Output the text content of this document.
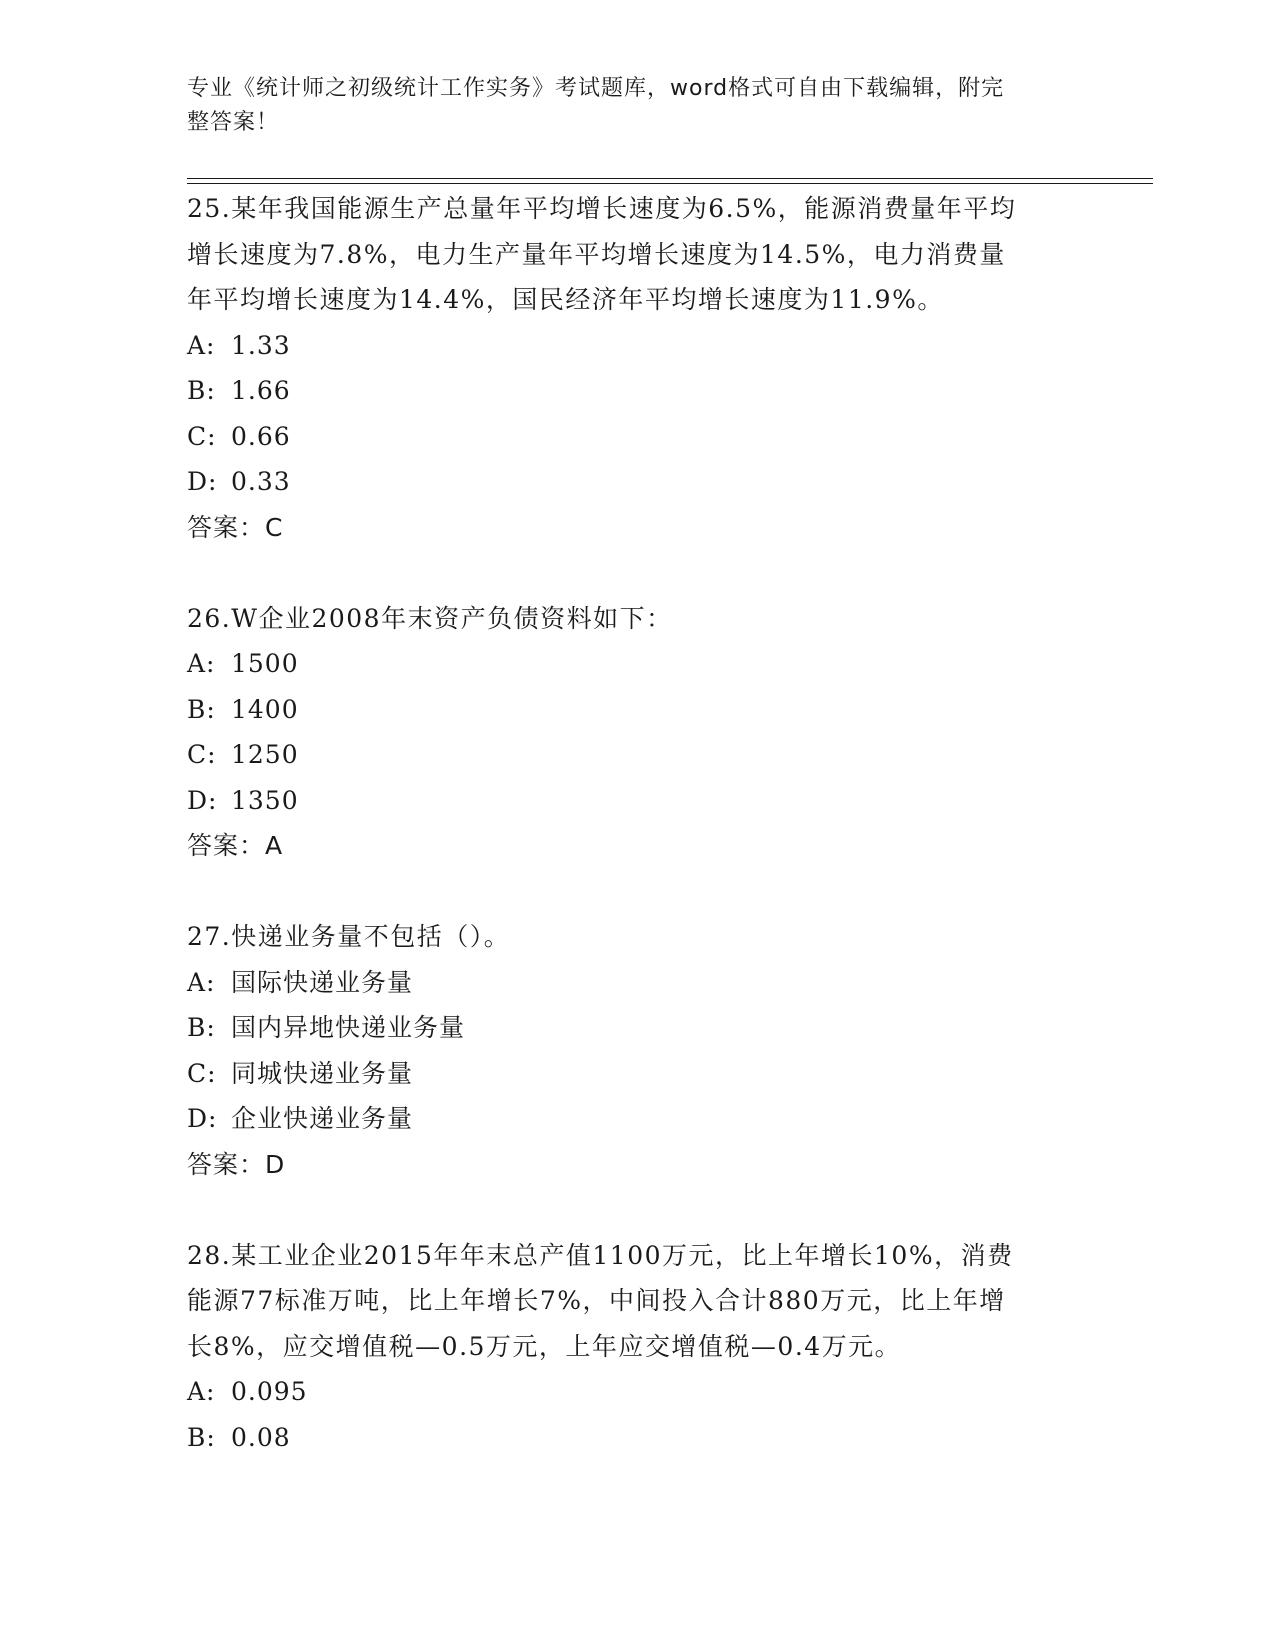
专业《统计师之初级统计工作实务》考试题库，word格式可自由下载编辑，附完
整答案！
25.某年我国能源生产总量年平均增长速度为6.5%，能源消费量年平均
增长速度为7.8%，电力生产量年平均增长速度为14.5%，电力消费量
年平均增长速度为14.4%，国民经济年平均增长速度为11.9%。
A: 1.33
B: 1.66
C: 0.66
D: 0.33
答案：C
26.W企业2008年末资产负债资料如下：
A: 1500
B: 1400
C: 1250
D: 1350
答案：A
27.快递业务量不包括（）。
A: 国际快递业务量
B: 国内异地快递业务量
C: 同城快递业务量
D: 企业快递业务量
答案：D
28.某工业企业2015年年末总产值1100万元，比上年增长10%，消费
能源77标准万吨，比上年增长7%，中间投入合计880万元，比上年增
长8%，应交增值税—0.5万元，上年应交增值税—0.4万元。
A: 0.095
B: 0.08
